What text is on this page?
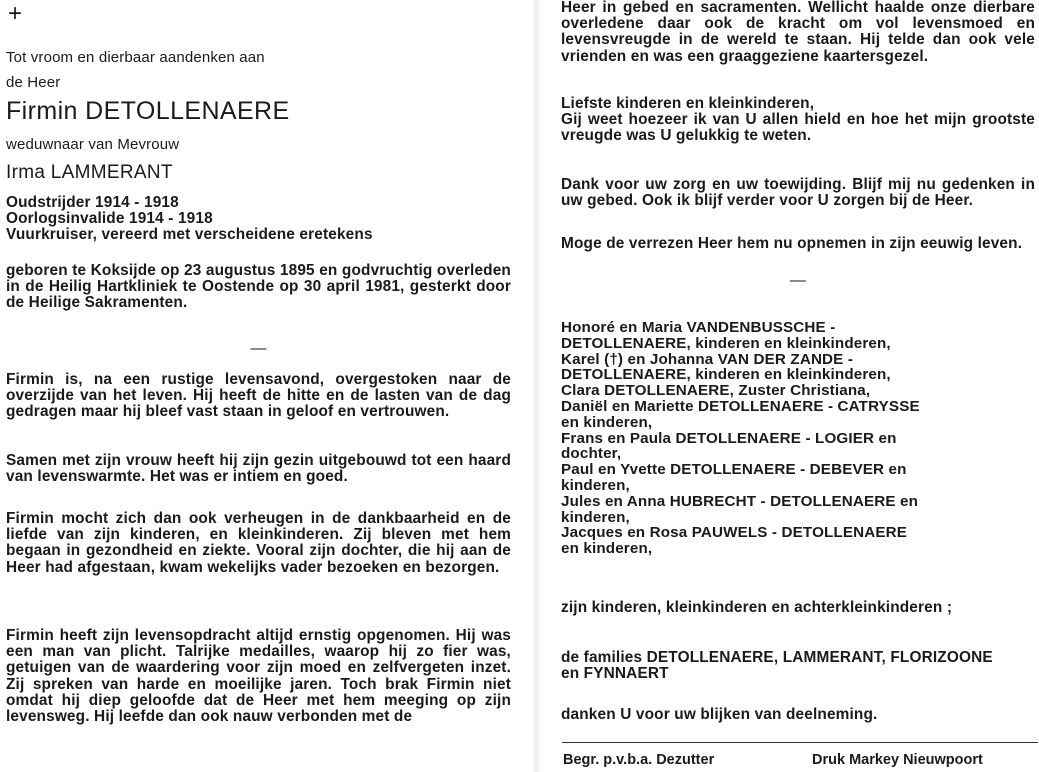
+

Tot vroom en dierbaar aandenken aan

de Heer

Firmin DETOLLENAERE

weduwnaar van Mevrouw

Irma LAMMERANT

Oudstrijder 1914 - 1918

Oorlogsinvalide 1914 - 1918

Vuurkruiser, vereerd met verscheidene eretekens

geboren te Koksijde op 23 augustus 1895 en godvruchtig overleden in de Heilig Hartkliniek te Oostende op 30 april 1981, gesterkt door de Heilige Sakramenten.

—

Firmin is, na een rustige levensavond, overgestoken naar de overzijde van het leven. Hij heeft de hitte en de lasten van de dag gedragen maar hij bleef vast staan in geloof en vertrouwen.

Samen met zijn vrouw heeft hij zijn gezin uitgebouwd tot een haard van levenswarmte. Het was er intiem en goed.

Firmin mocht zich dan ook verheugen in de dankbaarheid en de liefde van zijn kinderen, en kleinkinderen. Zij bleven met hem begaan in gezondheid en ziekte. Vooral zijn dochter, die hij aan de Heer had afgestaan, kwam wekelijks vader bezoeken en bezorgen.

Firmin heeft zijn levensopdracht altijd ernstig opgenomen. Hij was een man van plicht. Talrijke medailles, waarop hij zo fier was, getuigen van de waardering voor zijn moed en zelfvergeten inzet. Zij spreken van harde en moeilijke jaren. Toch brak Firmin niet omdat hij diep geloofde dat de Heer met hem meeging op zijn levensweg. Hij leefde dan ook nauw verbonden met de

Heer in gebed en sacramenten. Wellicht haalde onze dierbare overledene daar ook de kracht om vol levensmoed en levensvreugde in de wereld te staan. Hij telde dan ook vele vrienden en was een graaggeziene kaartersgezel.

Liefste kinderen en kleinkinderen,
Gij weet hoezeer ik van U allen hield en hoe het mijn grootste vreugde was U gelukkig te weten.

Dank voor uw zorg en uw toewijding. Blijf mij nu gedenken in uw gebed. Ook ik blijf verder voor U zorgen bij de Heer.

Moge de verrezen Heer hem nu opnemen in zijn eeuwig leven.

—

Honoré en Maria VANDENBUSSCHE -

DETOLLENAERE, kinderen en kleinkinderen,

Karel (†) en Johanna VAN DER ZANDE -

DETOLLENAERE, kinderen en kleinkinderen,

Clara DETOLLENAERE, Zuster Christiana,

Daniël en Mariette DETOLLENAERE - CATRYSSE

en kinderen,

Frans en Paula DETOLLENAERE - LOGIER en

dochter,

Paul en Yvette DETOLLENAERE - DEBEVER en

kinderen,

Jules en Anna HUBRECHT - DETOLLENAERE en

kinderen,

Jacques en Rosa PAUWELS - DETOLLENAERE

en kinderen,

zijn kinderen, kleinkinderen en achterkleinkinderen ;

de families DETOLLENAERE, LAMMERANT, FLORIZOONE en FYNNAERT

danken U voor uw blijken van deelneming.

Begr. p.v.b.a. Dezutter	Druk Markey Nieuwpoort
